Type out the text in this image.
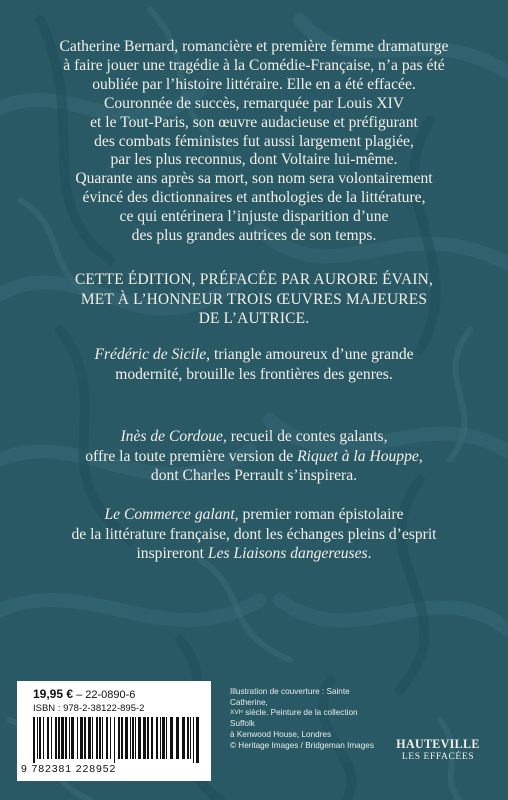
Catherine Bernard, romancière et première femme dramaturge
à faire jouer une tragédie à la Comédie-Française, n’a pas été
oubliée par l’histoire littéraire. Elle en a été effacée.
Couronnée de succès, remarquée par Louis XIV
et le Tout-Paris, son œuvre audacieuse et préfigurant
des combats féministes fut aussi largement plagiée,
par les plus reconnus, dont Voltaire lui-même.
Quarante ans après sa mort, son nom sera volontairement
évincé des dictionnaires et anthologies de la littérature,
ce qui entérinera l’injuste disparition d’une
des plus grandes autrices de son temps.

CETTE ÉDITION, PRÉFACÉE PAR AURORE ÉVAIN,
MET À L’HONNEUR TROIS ŒUVRES MAJEURES
DE L’AUTRICE.

Frédéric de Sicile, triangle amoureux d’une grande
modernité, brouille les frontières des genres.

Inès de Cordoue, recueil de contes galants,
offre la toute première version de Riquet à la Houppe,
dont Charles Perrault s’inspirera.

Le Commerce galant, premier roman épistolaire
de la littérature française, dont les échanges pleins d’esprit
inspireront Les Liaisons dangereuses.

19,95 € – 22-0890-6
ISBN : 978-2-38122-895-2
9 782381 228952

Illustration de couverture : Sainte Catherine,
XVIᵉ siècle. Peinture de la collection Suffolk
à Kenwood House, Londres
© Heritage Images / Bridgeman Images	HAUTEVILLE
LES EFFACÉES
